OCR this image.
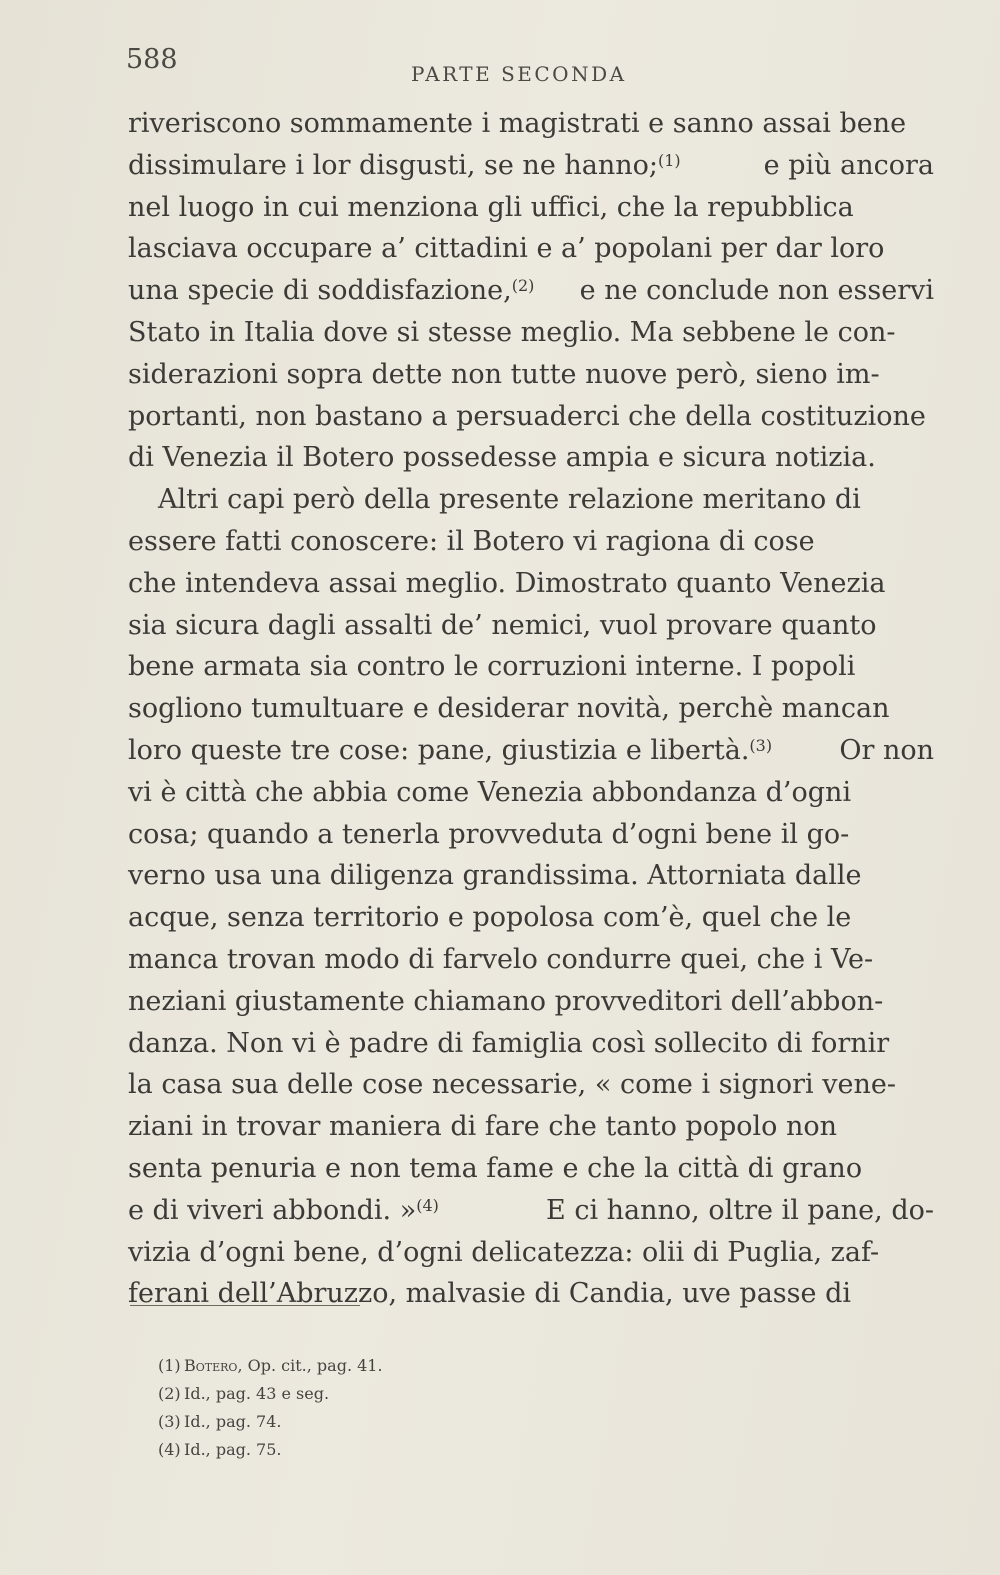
588	PARTE SECONDA
riveriscono sommamente i magistrati e sanno assai bene
dissimulare i lor disgusti, se ne hanno;$^{(1)}$	e più ancora
nel luogo in cui menziona gli uffici, che la repubblica
lasciava occupare a’ cittadini e a’ popolani per dar loro
una specie di soddisfazione,$^{(2)}$ e ne conclude non esservi
Stato in Italia dove si stesse meglio. Ma sebbene le con-
siderazioni sopra dette non tutte nuove però, sieno im-
portanti, non bastano a persuaderci che della costituzione
di Venezia il Botero possedesse ampia e sicura notizia.
Altri capi però della presente relazione meritano di
essere fatti conoscere: il Botero vi ragiona di cose
che intendeva assai meglio. Dimostrato quanto Venezia
sia sicura dagli assalti de’ nemici, vuol provare quanto
bene armata sia contro le corruzioni interne. I popoli
sogliono tumultuare e desiderar novità, perchè mancan
loro queste tre cose: pane, giustizia e libertà.$^{(3)}$ Or non
vi è città che abbia come Venezia abbondanza d’ogni
cosa; quando a tenerla provveduta d’ogni bene il go-
verno usa una diligenza grandissima. Attorniata dalle
acque, senza territorio e popolosa com’è, quel che le
manca trovan modo di farvelo condurre quei, che i Ve-
neziani giustamente chiamano provveditori dell’abbon-
danza. Non vi è padre di famiglia così sollecito di fornir
la casa sua delle cose necessarie, « come i signori vene-
ziani in trovar maniera di fare che tanto popolo non
senta penuria e non tema fame e che la città di grano
e di viveri abbondi. »$^{(4)}$	E ci hanno, oltre il pane, do-
vizia d’ogni bene, d’ogni delicatezza: olii di Puglia, zaf-
ferani dell’Abruzzo, malvasie di Candia, uve passe di
(1) Botero, Op. cit., pag. 41.
(2) Id., pag. 43 e seg.
(3) Id., pag. 74.
(4) Id., pag. 75.
